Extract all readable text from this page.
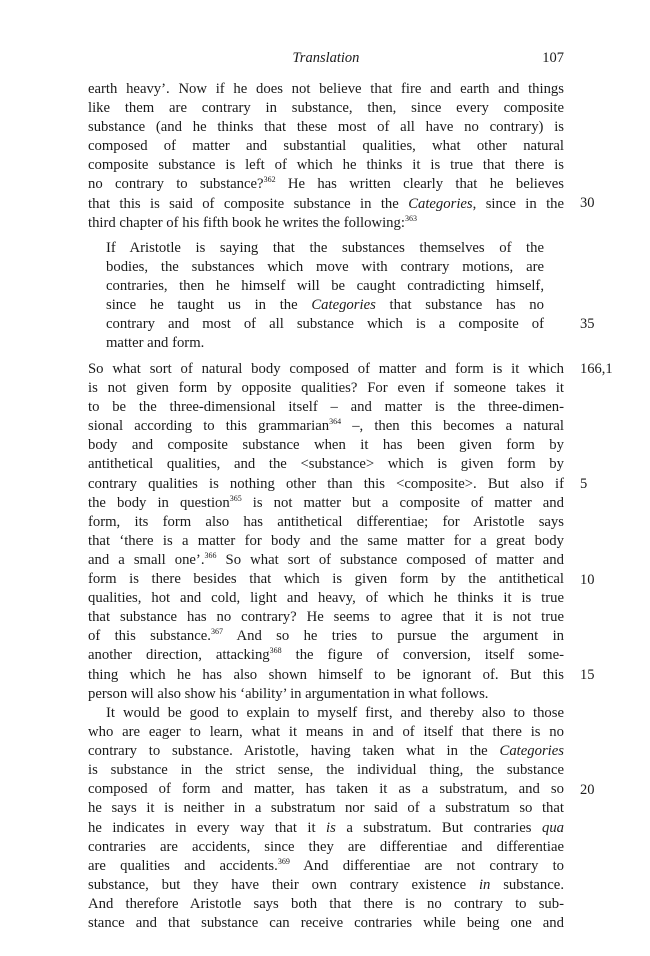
Translation	107
earth heavy’. Now if he does not believe that fire and earth and things
like them are contrary in substance, then, since every composite
substance (and he thinks that these most of all have no contrary) is
composed of matter and substantial qualities, what other natural
composite substance is left of which he thinks it is true that there is
no contrary to substance?$^{362}$ He has written clearly that he believes
that this is said of composite substance in the Categories, since in the
third chapter of his fifth book he writes the following:$^{363}$
If Aristotle is saying that the substances themselves of the
bodies, the substances which move with contrary motions, are
contraries, then he himself will be caught contradicting himself,
since he taught us in the Categories that substance has no
contrary and most of all substance which is a composite of
matter and form.
So what sort of natural body composed of matter and form is it which
is not given form by opposite qualities? For even if someone takes it
to be the three-dimensional itself – and matter is the three-dimen-
sional according to this grammarian$^{364}$ –, then this becomes a natural
body and composite substance when it has been given form by
antithetical qualities, and the <substance> which is given form by
contrary qualities is nothing other than this <composite>. But also if
the body in question$^{365}$ is not matter but a composite of matter and
form, its form also has antithetical differentiae; for Aristotle says
that ‘there is a matter for body and the same matter for a great body
and a small one’.$^{366}$ So what sort of substance composed of matter and
form is there besides that which is given form by the antithetical
qualities, hot and cold, light and heavy, of which he thinks it is true
that substance has no contrary? He seems to agree that it is not true
of this substance.$^{367}$ And so he tries to pursue the argument in
another direction, attacking$^{368}$ the figure of conversion, itself some-
thing which he has also shown himself to be ignorant of. But this
person will also show his ‘ability’ in argumentation in what follows.
It would be good to explain to myself first, and thereby also to those
who are eager to learn, what it means in and of itself that there is no
contrary to substance. Aristotle, having taken what in the Categories
is substance in the strict sense, the individual thing, the substance
composed of form and matter, has taken it as a substratum, and so
he says it is neither in a substratum nor said of a substratum so that
he indicates in every way that it is a substratum. But contraries qua
contraries are accidents, since they are differentiae and differentiae
are qualities and accidents.$^{369}$ And differentiae are not contrary to
substance, but they have their own contrary existence in substance.
And therefore Aristotle says both that there is no contrary to sub-
stance and that substance can receive contraries while being one and
30
35
166,1
5
10
15
20
